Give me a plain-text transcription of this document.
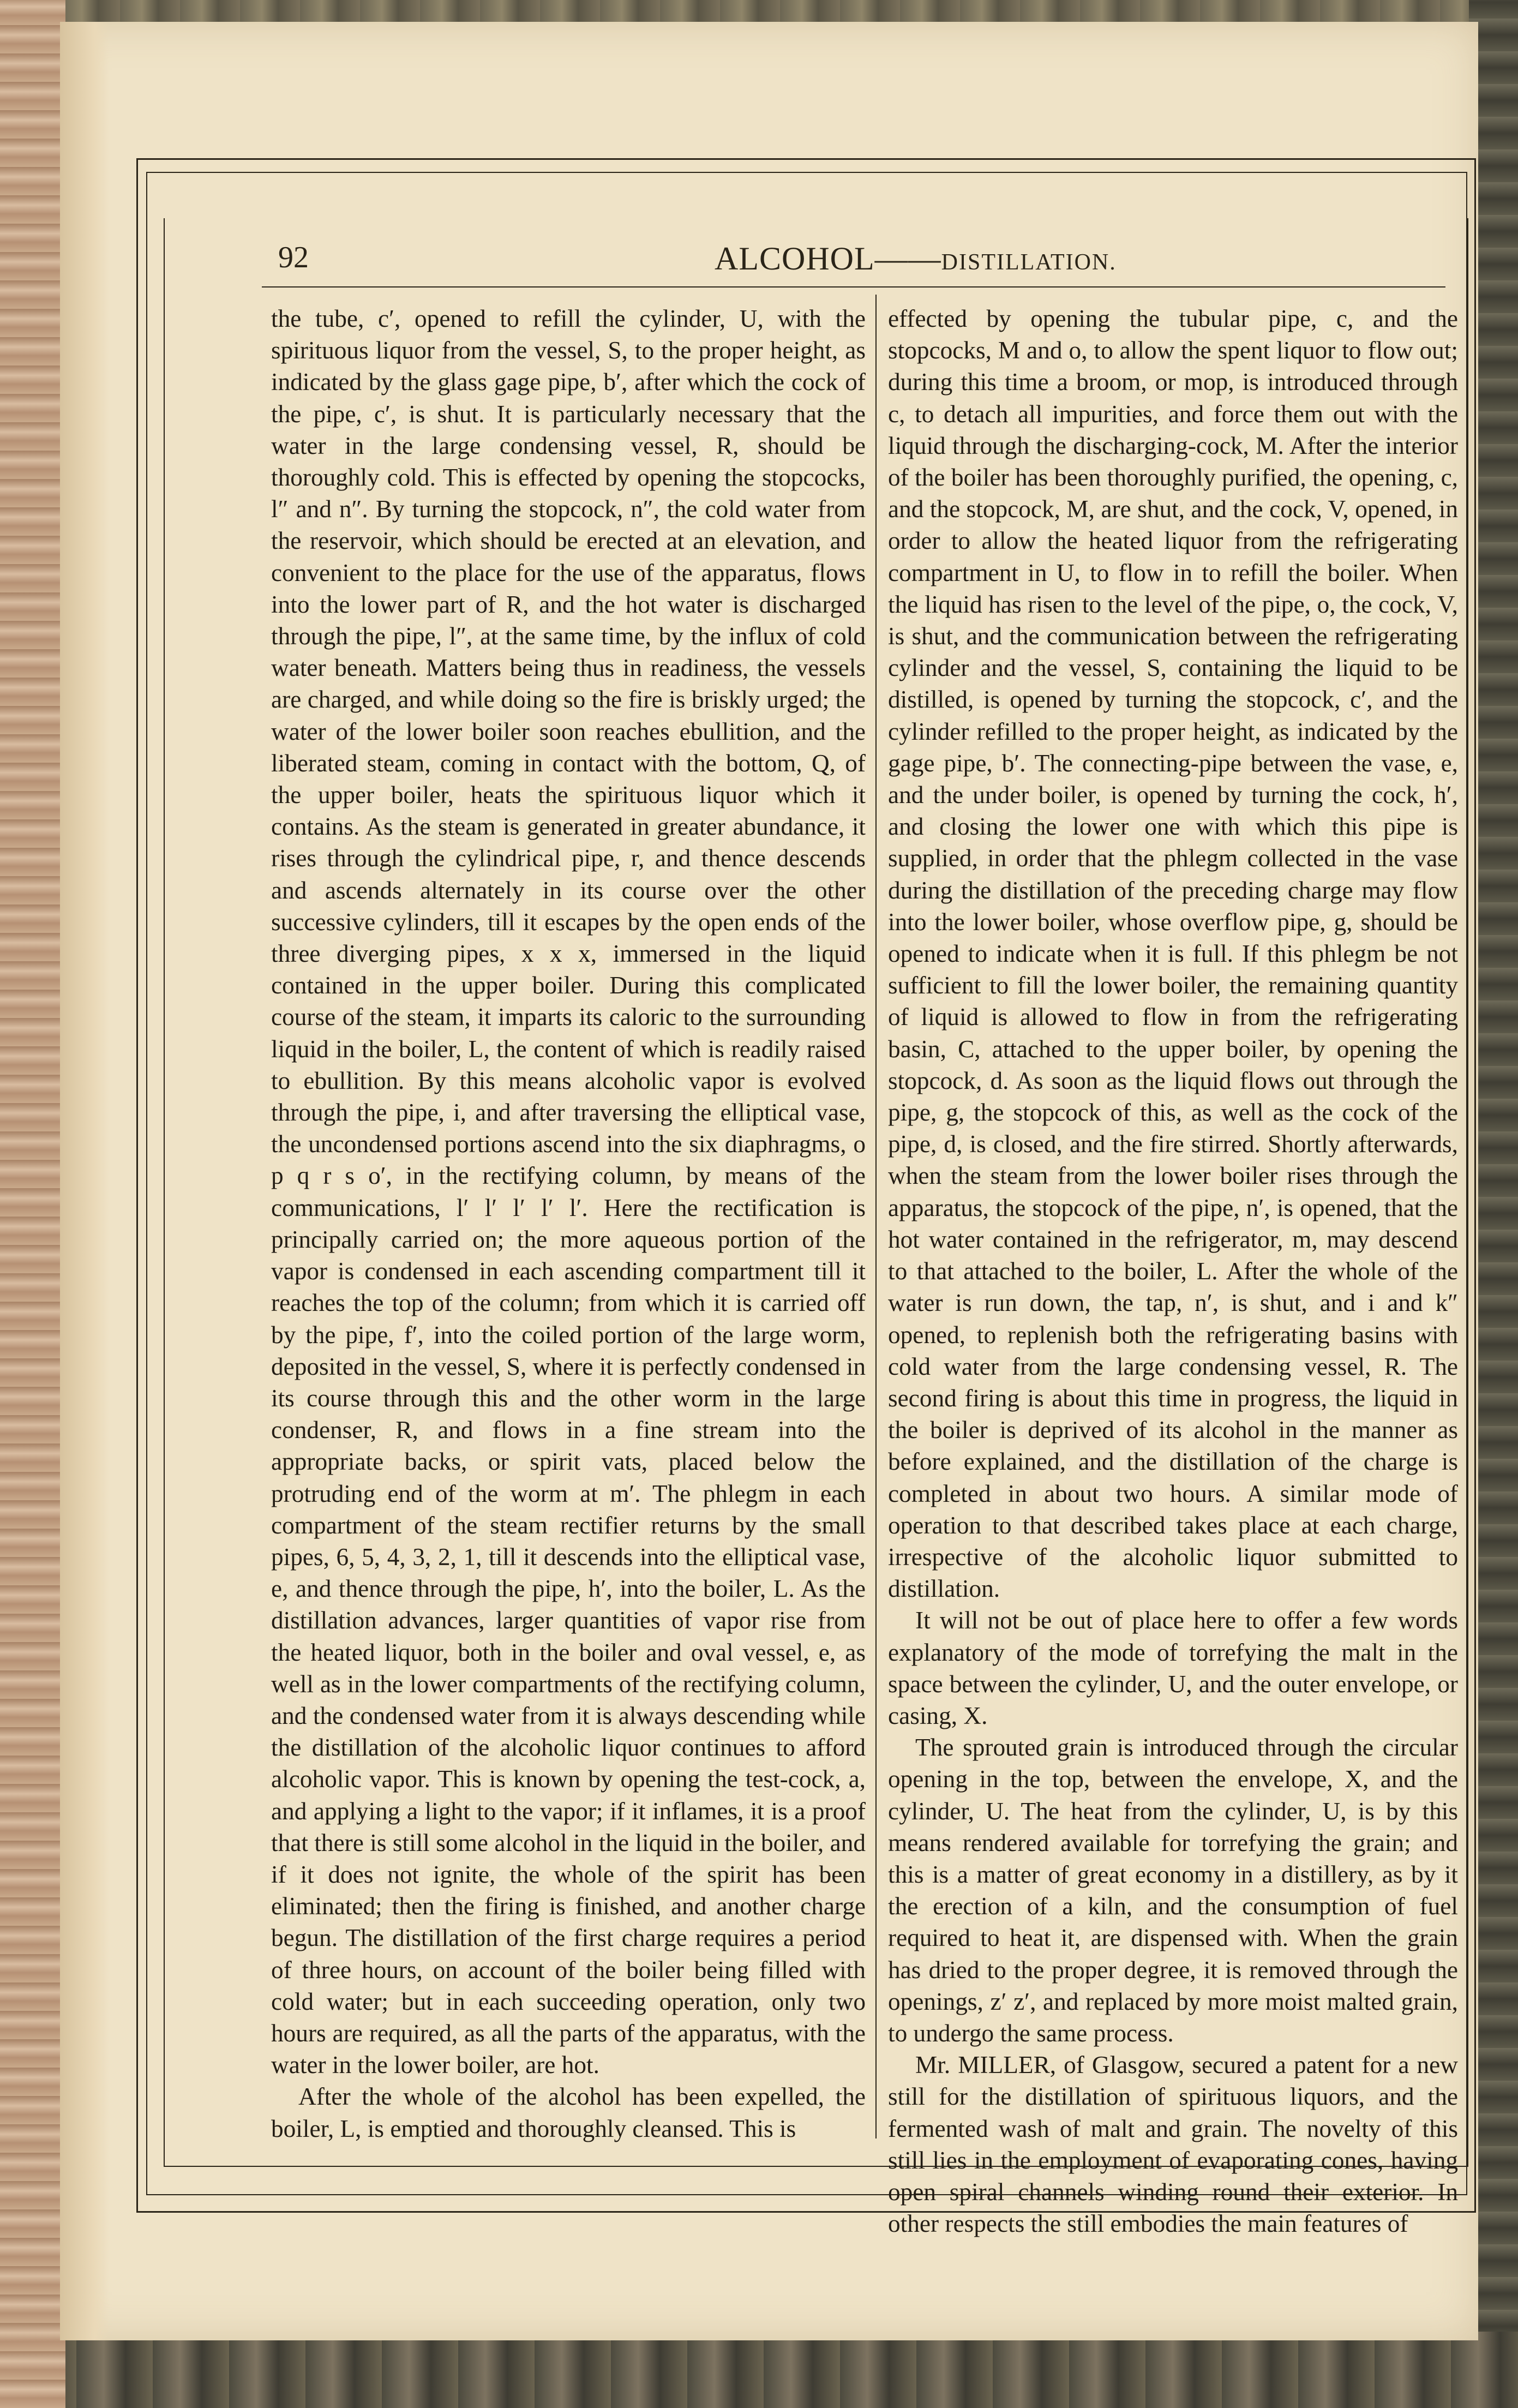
92	ALCOHOL——DISTILLATION.

the tube, c′, opened to refill the cylinder, U, with the spirituous liquor from the vessel, S, to the proper height, as indicated by the glass gage pipe, b′, after which the cock of the pipe, c′, is shut. It is particularly necessary that the water in the large condensing vessel, R, should be thoroughly cold. This is effected by opening the stopcocks, l″ and n″. By turning the stopcock, n″, the cold water from the reservoir, which should be erected at an elevation, and convenient to the place for the use of the apparatus, flows into the lower part of R, and the hot water is discharged through the pipe, l″, at the same time, by the influx of cold water beneath. Matters being thus in readiness, the vessels are charged, and while doing so the fire is briskly urged; the water of the lower boiler soon reaches ebullition, and the liberated steam, coming in contact with the bottom, Q, of the upper boiler, heats the spirituous liquor which it contains. As the steam is generated in greater abundance, it rises through the cylindrical pipe, r, and thence descends and ascends alternately in its course over the other successive cylinders, till it escapes by the open ends of the three diverging pipes, x x x, immersed in the liquid contained in the upper boiler. During this complicated course of the steam, it imparts its caloric to the surrounding liquid in the boiler, L, the content of which is readily raised to ebullition. By this means alcoholic vapor is evolved through the pipe, i, and after traversing the elliptical vase, the uncondensed portions ascend into the six diaphragms, o p q r s o′, in the rectifying column, by means of the communications, l′ l′ l′ l′ l′. Here the rectification is principally carried on; the more aqueous portion of the vapor is condensed in each ascending compartment till it reaches the top of the column; from which it is carried off by the pipe, f′, into the coiled portion of the large worm, deposited in the vessel, S, where it is perfectly condensed in its course through this and the other worm in the large condenser, R, and flows in a fine stream into the appropriate backs, or spirit vats, placed below the protruding end of the worm at m′. The phlegm in each compartment of the steam rectifier returns by the small pipes, 6, 5, 4, 3, 2, 1, till it descends into the elliptical vase, e, and thence through the pipe, h′, into the boiler, L. As the distillation advances, larger quantities of vapor rise from the heated liquor, both in the boiler and oval vessel, e, as well as in the lower compartments of the rectifying column, and the condensed water from it is always descending while the distillation of the alcoholic liquor continues to afford alcoholic vapor. This is known by opening the test-cock, a, and applying a light to the vapor; if it inflames, it is a proof that there is still some alcohol in the liquid in the boiler, and if it does not ignite, the whole of the spirit has been eliminated; then the firing is finished, and another charge begun. The distillation of the first charge requires a period of three hours, on account of the boiler being filled with cold water; but in each succeeding operation, only two hours are required, as all the parts of the apparatus, with the water in the lower boiler, are hot.

After the whole of the alcohol has been expelled, the boiler, L, is emptied and thoroughly cleansed. This is

effected by opening the tubular pipe, c, and the stopcocks, M and o, to allow the spent liquor to flow out; during this time a broom, or mop, is introduced through c, to detach all impurities, and force them out with the liquid through the discharging-cock, M. After the interior of the boiler has been thoroughly purified, the opening, c, and the stopcock, M, are shut, and the cock, V, opened, in order to allow the heated liquor from the refrigerating compartment in U, to flow in to refill the boiler. When the liquid has risen to the level of the pipe, o, the cock, V, is shut, and the communication between the refrigerating cylinder and the vessel, S, containing the liquid to be distilled, is opened by turning the stopcock, c′, and the cylinder refilled to the proper height, as indicated by the gage pipe, b′. The connecting-pipe between the vase, e, and the under boiler, is opened by turning the cock, h′, and closing the lower one with which this pipe is supplied, in order that the phlegm collected in the vase during the distillation of the preceding charge may flow into the lower boiler, whose overflow pipe, g, should be opened to indicate when it is full. If this phlegm be not sufficient to fill the lower boiler, the remaining quantity of liquid is allowed to flow in from the refrigerating basin, C, attached to the upper boiler, by opening the stopcock, d. As soon as the liquid flows out through the pipe, g, the stopcock of this, as well as the cock of the pipe, d, is closed, and the fire stirred. Shortly afterwards, when the steam from the lower boiler rises through the apparatus, the stopcock of the pipe, n′, is opened, that the hot water contained in the refrigerator, m, may descend to that attached to the boiler, L. After the whole of the water is run down, the tap, n′, is shut, and i and k″ opened, to replenish both the refrigerating basins with cold water from the large condensing vessel, R. The second firing is about this time in progress, the liquid in the boiler is deprived of its alcohol in the manner as before explained, and the distillation of the charge is completed in about two hours. A similar mode of operation to that described takes place at each charge, irrespective of the alcoholic liquor submitted to distillation.

It will not be out of place here to offer a few words explanatory of the mode of torrefying the malt in the space between the cylinder, U, and the outer envelope, or casing, X.

The sprouted grain is introduced through the circular opening in the top, between the envelope, X, and the cylinder, U. The heat from the cylinder, U, is by this means rendered available for torrefying the grain; and this is a matter of great economy in a distillery, as by it the erection of a kiln, and the consumption of fuel required to heat it, are dispensed with. When the grain has dried to the proper degree, it is removed through the openings, z′ z′, and replaced by more moist malted grain, to undergo the same process.

Mr. MILLER, of Glasgow, secured a patent for a new still for the distillation of spirituous liquors, and the fermented wash of malt and grain. The novelty of this still lies in the employment of evaporating cones, having open spiral channels winding round their exterior. In other respects the still embodies the main features of
